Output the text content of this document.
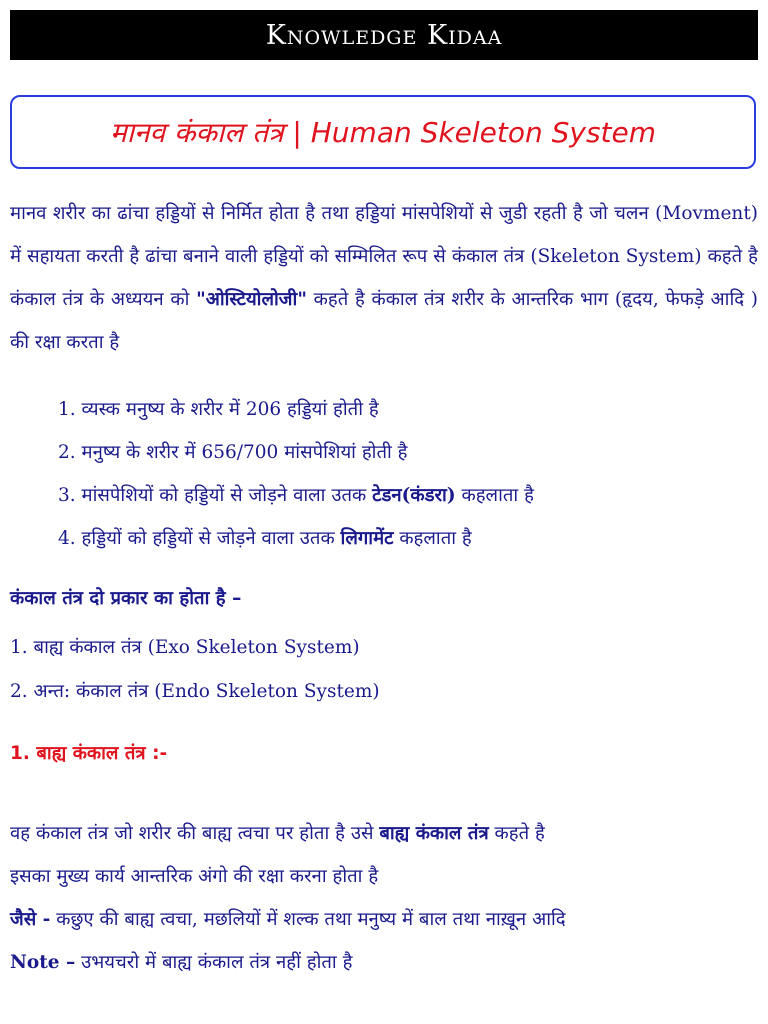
Knowledge Kidaa
मानव कंकाल तंत्र | Human Skeleton System
मानव शरीर का ढांचा हड्डियों से निर्मित होता है तथा हड्डियां मांसपेशियों से जुडी रहती है जो चलन (Movment) में सहायता करती है ढांचा बनाने वाली हड्डियों को सम्मिलित रूप से कंकाल तंत्र (Skeleton System) कहते है कंकाल तंत्र के अध्ययन को "ओस्टियोलोजी" कहते है कंकाल तंत्र शरीर के आन्तरिक भाग (हृदय, फेफड़े आदि ) की रक्षा करता है
1. व्यस्क मनुष्य के शरीर में 206 हड्डियां होती है
2. मनुष्य के शरीर में 656/700 मांसपेशियां होती है
3. मांसपेशियों को हड्डियों से जोड़ने वाला उतक टेडन(कंडरा) कहलाता है
4. हड्डियों को हड्डियों से जोड़ने वाला उतक लिगामेंट कहलाता है
कंकाल तंत्र दो प्रकार का होता है –
1. बाह्य कंकाल तंत्र (Exo Skeleton System)
2. अन्त: कंकाल तंत्र (Endo Skeleton System)
1. बाह्य कंकाल तंत्र :-
वह कंकाल तंत्र जो शरीर की बाह्य त्वचा पर होता है उसे बाह्य कंकाल तंत्र कहते है
इसका मुख्य कार्य आन्तरिक अंगो की रक्षा करना होता है
जैसे - कछुए की बाह्य त्वचा, मछलियों में शल्क तथा मनुष्य में बाल तथा नाख़ून आदि
Note – उभयचरो में बाह्य कंकाल तंत्र नहीं होता है
